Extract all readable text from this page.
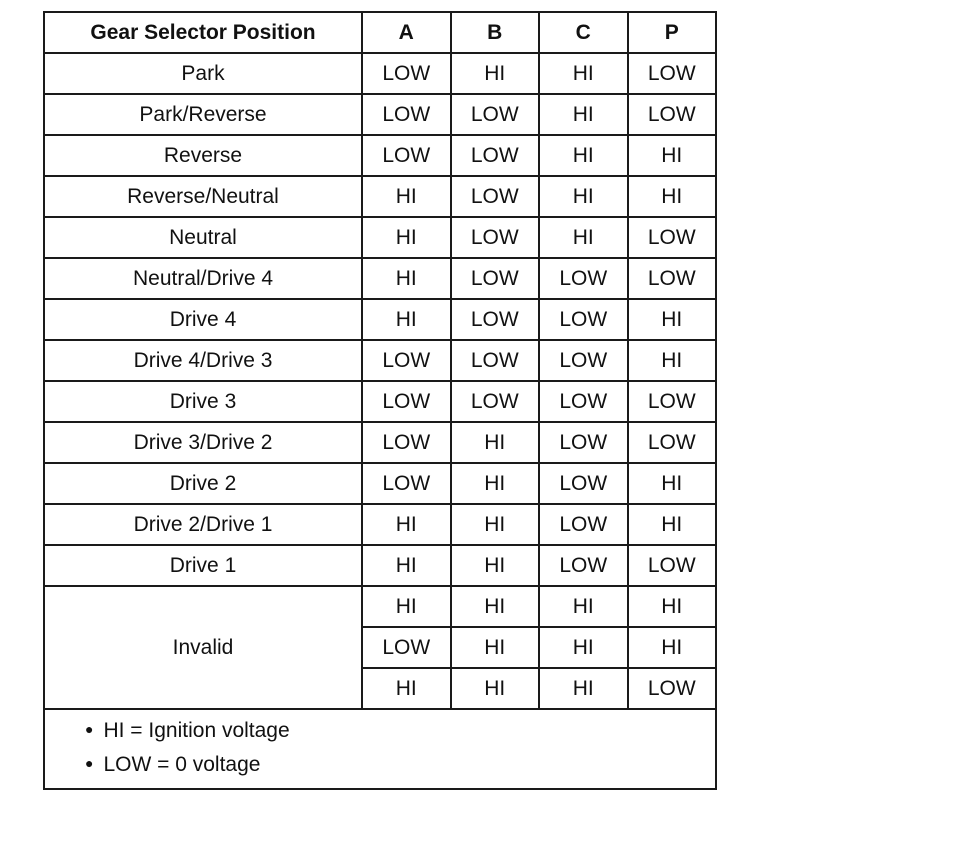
Gear Selector Position	A	B	C	P
Park	LOW	HI	HI	LOW
Park/Reverse	LOW	LOW	HI	LOW
Reverse	LOW	LOW	HI	HI
Reverse/Neutral	HI	LOW	HI	HI
Neutral	HI	LOW	HI	LOW
Neutral/Drive 4	HI	LOW	LOW	LOW
Drive 4	HI	LOW	LOW	HI
Drive 4/Drive 3	LOW	LOW	LOW	HI
Drive 3	LOW	LOW	LOW	LOW
Drive 3/Drive 2	LOW	HI	LOW	LOW
Drive 2	LOW	HI	LOW	HI
Drive 2/Drive 1	HI	HI	LOW	HI
Drive 1	HI	HI	LOW	LOW
Invalid	HI	HI	HI	HI
	LOW	HI	HI	HI
	HI	HI	HI	LOW

● HI = Ignition voltage
● LOW = 0 voltage				
